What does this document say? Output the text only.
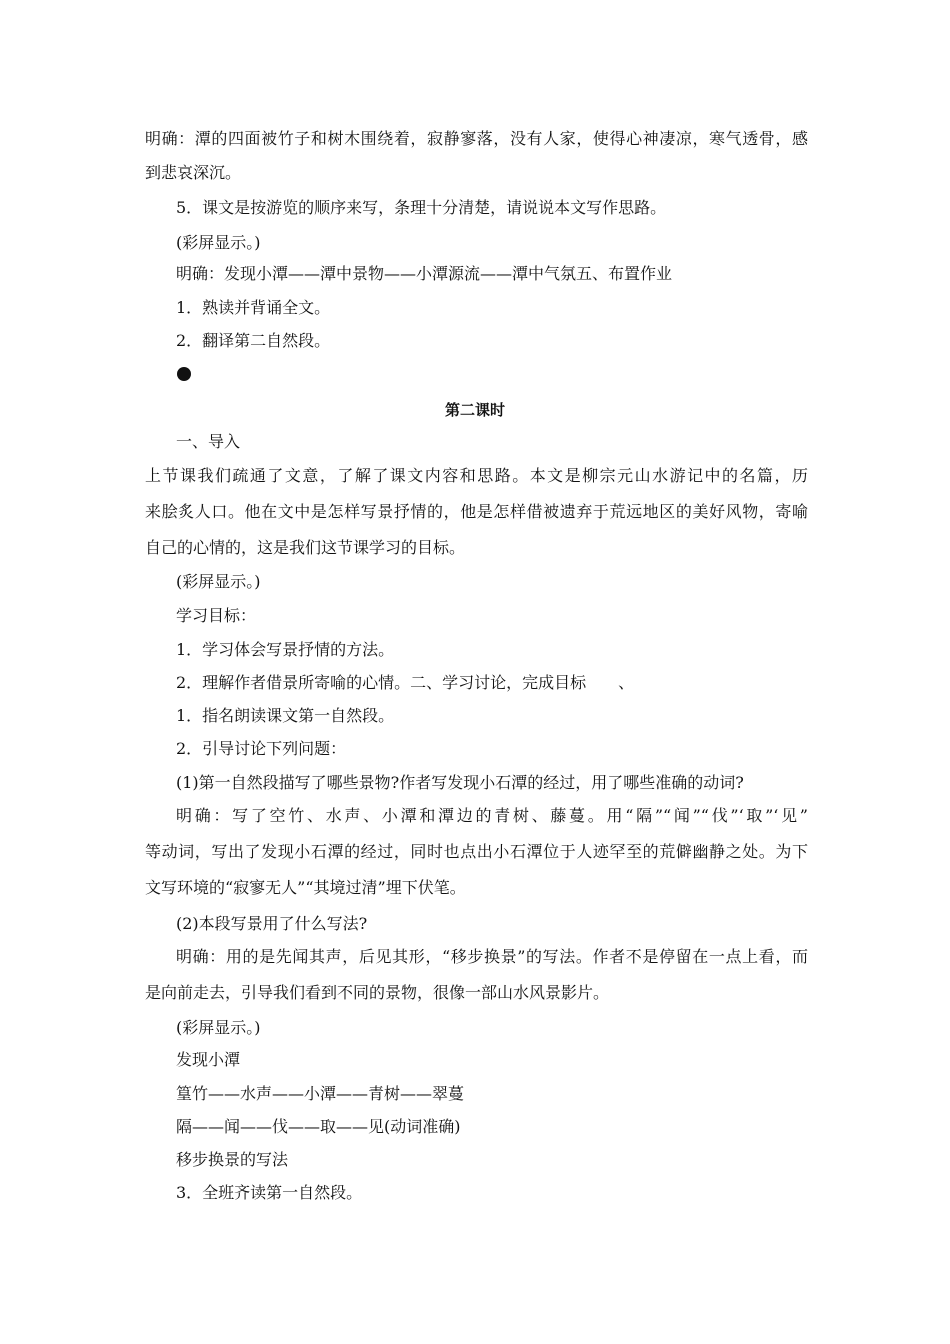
明确：潭的四面被竹子和树木围绕着，寂静寥落，没有人家，使得心神凄凉，寒气透骨，感
到悲哀深沉。
5．课文是按游览的顺序来写，条理十分清楚，请说说本文写作思路。
(彩屏显示。)
明确：发现小潭——潭中景物——小潭源流——潭中气氛五、布置作业
1．熟读并背诵全文。
2．翻译第二自然段。
第二课时
一、导入
上节课我们疏通了文意，了解了课文内容和思路。本文是柳宗元山水游记中的名篇，历
来脍炙人口。他在文中是怎样写景抒情的，他是怎样借被遗弃于荒远地区的美好风物，寄喻
自己的心情的，这是我们这节课学习的目标。
(彩屏显示。)
学习目标：
1．学习体会写景抒情的方法。
2．理解作者借景所寄喻的心情。二、学习讨论，完成目标　　、
1．指名朗读课文第一自然段。
2．引导讨论下列问题：
(1)第一自然段描写了哪些景物?作者写发现小石潭的经过，用了哪些准确的动词?
明确：写了空竹、水声、小潭和潭边的青树、藤蔓。用“隔”“闻”“伐”‘取”‘见”
等动词，写出了发现小石潭的经过，同时也点出小石潭位于人迹罕至的荒僻幽静之处。为下
文写环境的“寂寥无人”“其境过清”埋下伏笔。
(2)本段写景用了什么写法?
明确：用的是先闻其声，后见其形，“移步换景”的写法。作者不是停留在一点上看，而
是向前走去，引导我们看到不同的景物，很像一部山水风景影片。
(彩屏显示。)
发现小潭
篁竹——水声——小潭——青树——翠蔓
隔——闻——伐——取——见(动词准确)
移步换景的写法
3．全班齐读第一自然段。
